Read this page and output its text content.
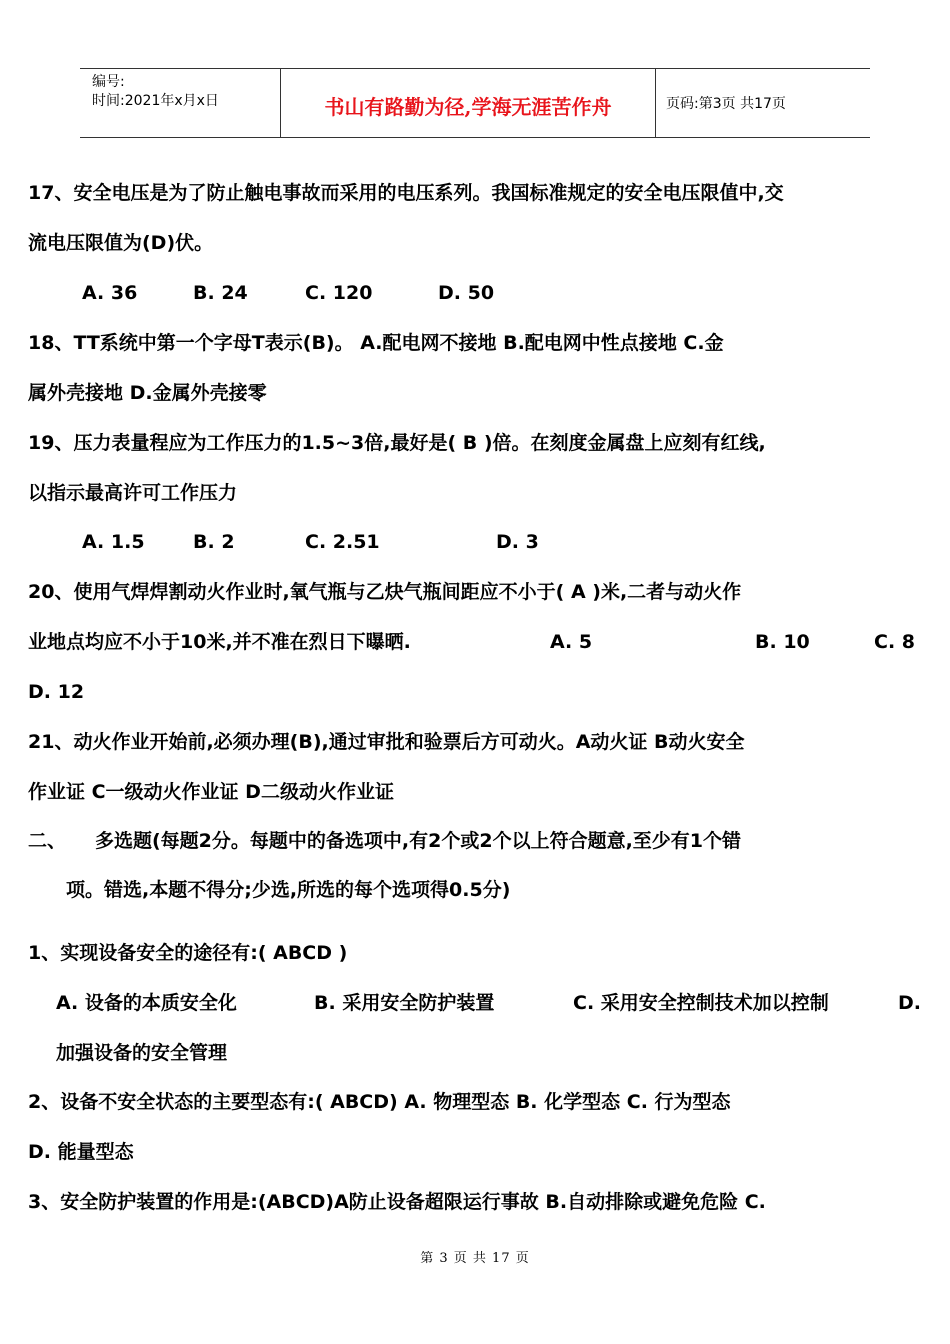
编号:
时间:2021年x月x日	书山有路勤为径,学海无涯苦作舟	页码:第3页 共17页
17、安全电压是为了防止触电事故而采用的电压系列。我国标准规定的安全电压限值中,交
流电压限值为(D)伏。
A. 36	B. 24	C. 120	D. 50
18、TT系统中第一个字母T表示(B)。 A.配电网不接地 B.配电网中性点接地 C.金
属外壳接地 D.金属外壳接零
19、压力表量程应为工作压力的1.5~3倍,最好是( B )倍。在刻度金属盘上应刻有红线,
以指示最高许可工作压力
A. 1.5	B. 2	C. 2.51	D. 3
20、使用气焊焊割动火作业时,氧气瓶与乙炔气瓶间距应不小于( A )米,二者与动火作
业地点均应不小于10米,并不准在烈日下曝晒.	A. 5	B. 10	C. 8
D. 12
21、动火作业开始前,必须办理(B),通过审批和验票后方可动火。A动火证 B动火安全
作业证 C一级动火作业证 D二级动火作业证
二、 多选题(每题2分。每题中的备选项中,有2个或2个以上符合题意,至少有1个错
项。错选,本题不得分;少选,所选的每个选项得0.5分)
1、实现设备安全的途径有:( ABCD )
A. 设备的本质安全化	B. 采用安全防护装置	C. 采用安全控制技术加以控制	D.
加强设备的安全管理
2、设备不安全状态的主要型态有:( ABCD) A. 物理型态 B. 化学型态 C. 行为型态
D. 能量型态
3、安全防护装置的作用是:(ABCD)A防止设备超限运行事故 B.自动排除或避免危险 C.
第 3 页 共 17 页
